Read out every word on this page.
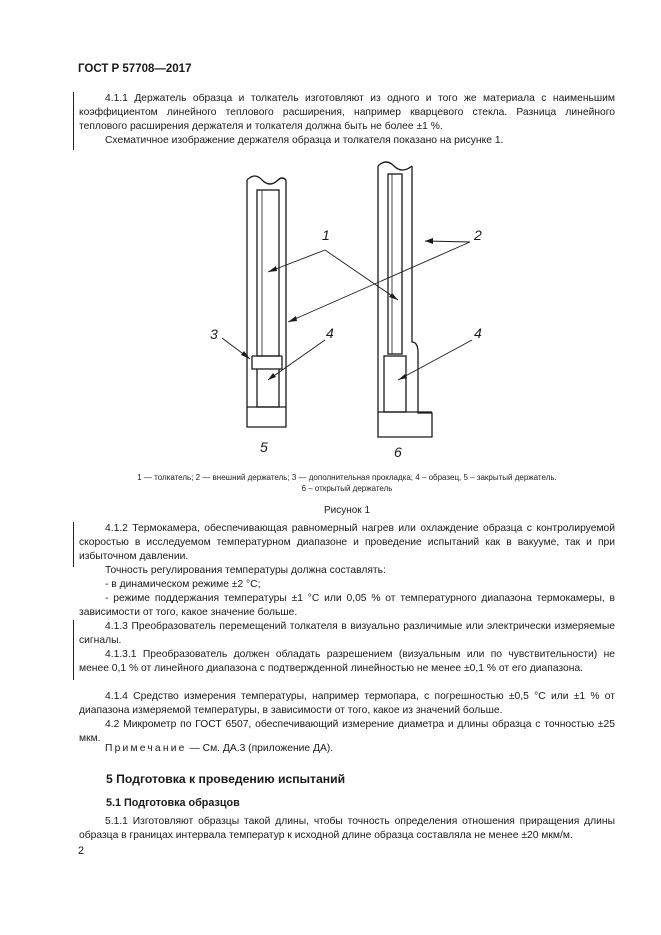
ГОСТ Р 57708—2017

4.1.1 Держатель образца и толкатель изготовляют из одного и того же материала с наименьшим коэффициентом линейного теплового расширения, например кварцевого стекла. Разница линейного теплового расширения держателя и толкателя должна быть не более ±1 %.

Схематичное изображение держателя образца и толкателя показано на рисунке 1.

1	2
3	4	4
5	6
1 — толкатель; 2 — внешний держатель; 3 — дополнительная прокладка; 4 – образец, 5 – закрытый держатель.
6 – открытый держатель
Рисунок 1

4.1.2 Термокамера, обеспечивающая равномерный нагрев или охлаждение образца с контролируемой скоростью в исследуемом температурном диапазоне и проведение испытаний как в вакууме, так и при избыточном давлении.

Точность регулирования температуры должна составлять:

- в динамическом режиме ±2 °С;

- режиме поддержания температуры ±1 °С или 0,05 % от температурного диапазона термокамеры, в зависимости от того, какое значение больше.

4.1.3 Преобразователь перемещений толкателя в визуально различимые или электрически измеряемые сигналы.

4.1.3.1 Преобразователь должен обладать разрешением (визуальным или по чувствительности) не менее 0,1 % от линейного диапазона с подтвержденной линейностью не менее ±0,1 % от его диапазона.

4.1.4 Средство измерения температуры, например термопара, с погрешностью ±0,5 °С или ±1 % от диапазона измеряемой температуры, в зависимости от того, какое из значений больше.

4.2 Микрометр по ГОСТ 6507, обеспечивающий измерение диаметра и длины образца с точностью ±25 мкм.

Примечание — См. ДА.3 (приложение ДА).

5 Подготовка к проведению испытаний
5.1 Подготовка образцов

5.1.1 Изготовляют образцы такой длины, чтобы точность определения отношения приращения длины образца в границах интервала температур к исходной длине образца составляла не менее ±20 мкм/м.

2
